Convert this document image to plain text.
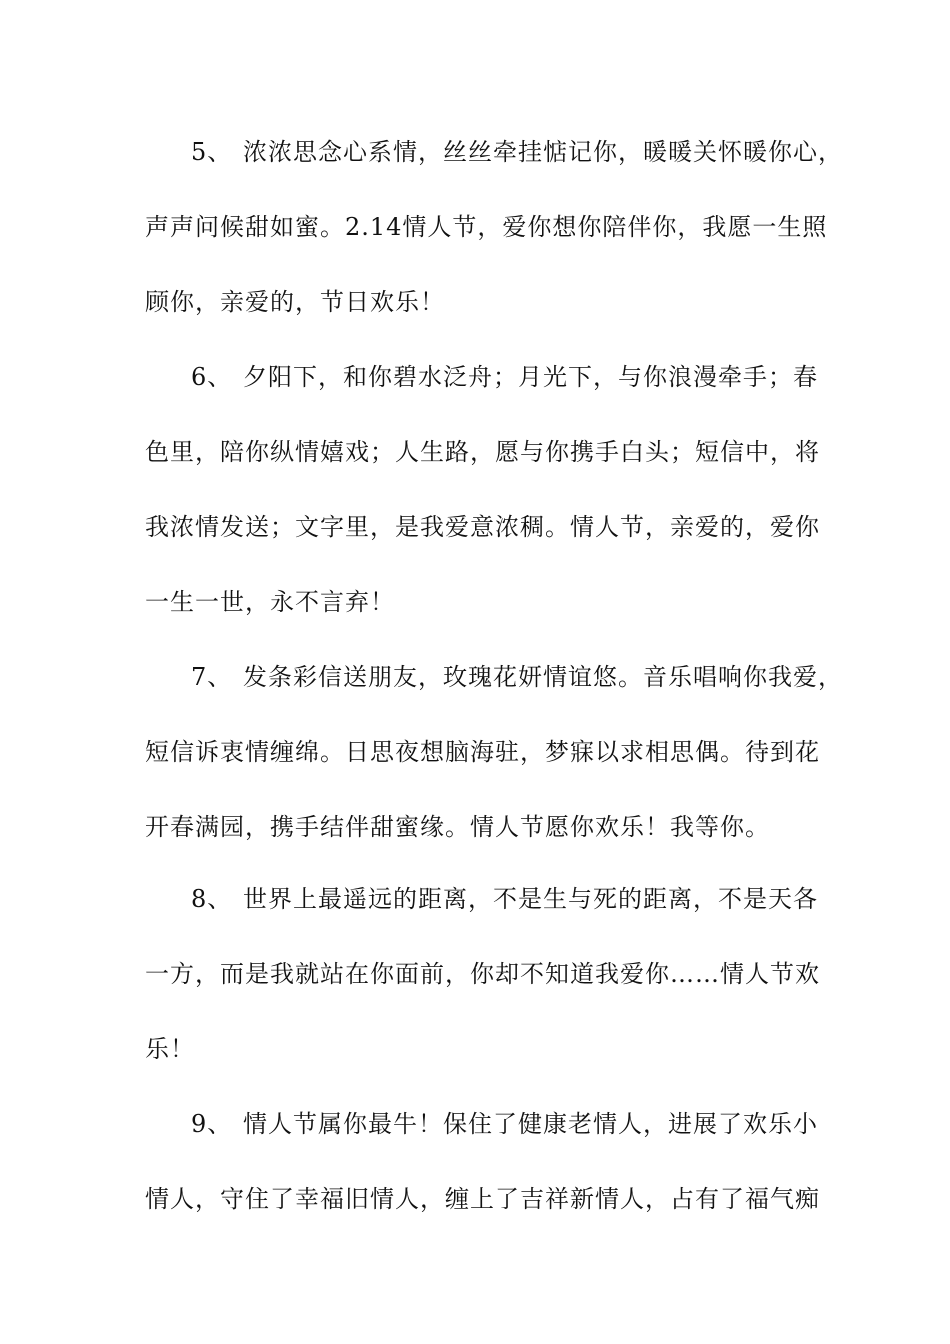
5、 浓浓思念心系情，丝丝牵挂惦记你，暖暖关怀暖你心，
声声问候甜如蜜。2.14情人节，爱你想你陪伴你，我愿一生照
顾你，亲爱的，节日欢乐！
6、 夕阳下，和你碧水泛舟；月光下，与你浪漫牵手；春
色里，陪你纵情嬉戏；人生路，愿与你携手白头；短信中，将
我浓情发送；文字里，是我爱意浓稠。情人节，亲爱的，爱你
一生一世，永不言弃！
7、 发条彩信送朋友，玫瑰花妍情谊悠。音乐唱响你我爱，
短信诉衷情缠绵。日思夜想脑海驻，梦寐以求相思偶。待到花
开春满园，携手结伴甜蜜缘。情人节愿你欢乐！我等你。
8、 世界上最遥远的距离，不是生与死的距离，不是天各
一方，而是我就站在你面前，你却不知道我爱你……情人节欢
乐！
9、 情人节属你最牛！保住了健康老情人，进展了欢乐小
情人，守住了幸福旧情人，缠上了吉祥新情人，占有了福气痴
